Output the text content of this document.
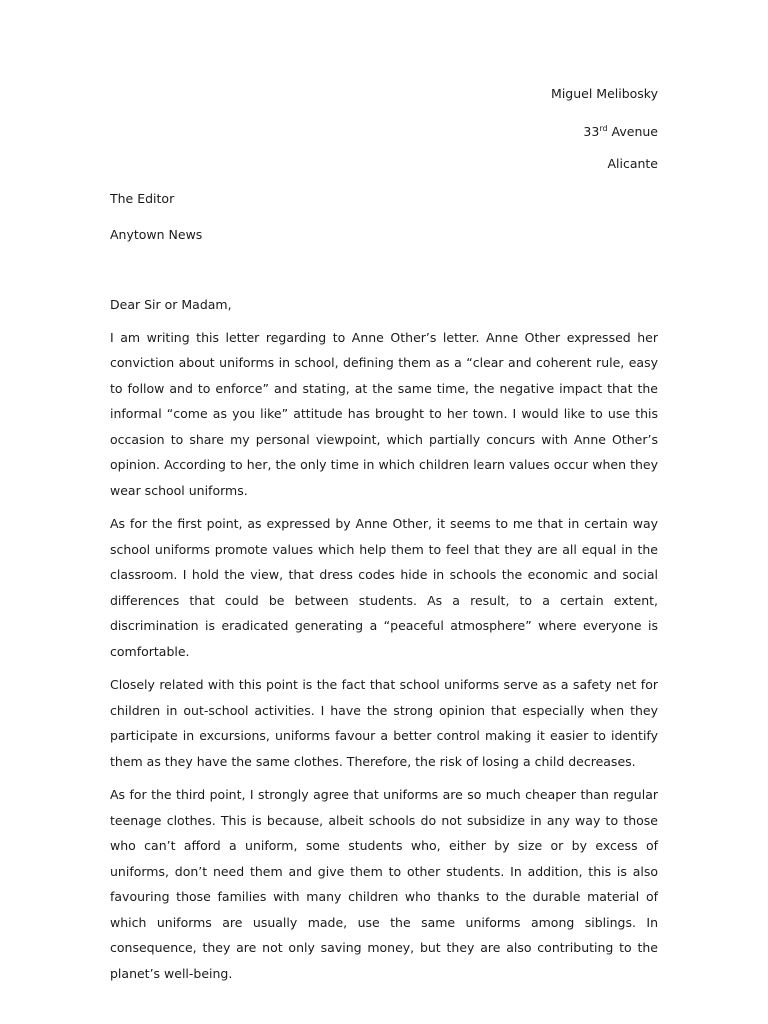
Miguel Melibosky
33rd Avenue
Alicante
The Editor
Anytown News
Dear Sir or Madam,

I am writing this letter regarding to Anne Other’s letter. Anne Other expressed her conviction about uniforms in school, defining them as a “clear and coherent rule, easy to follow and to enforce” and stating, at the same time, the negative impact that the informal “come as you like” attitude has brought to her town. I would like to use this occasion to share my personal viewpoint, which partially concurs with Anne Other’s opinion. According to her, the only time in which children learn values occur when they wear school uniforms.

As for the first point, as expressed by Anne Other, it seems to me that in certain way school uniforms promote values which help them to feel that they are all equal in the classroom. I hold the view, that dress codes hide in schools the economic and social differences that could be between students. As a result, to a certain extent, discrimination is eradicated generating a “peaceful atmosphere” where everyone is comfortable.

Closely related with this point is the fact that school uniforms serve as a safety net for children in out-school activities. I have the strong opinion that especially when they participate in excursions, uniforms favour a better control making it easier to identify them as they have the same clothes. Therefore, the risk of losing a child decreases.

As for the third point, I strongly agree that uniforms are so much cheaper than regular teenage clothes. This is because, albeit schools do not subsidize in any way to those who can’t afford a uniform, some students who, either by size or by excess of uniforms, don’t need them and give them to other students. In addition, this is also favouring those families with many children who thanks to the durable material of which uniforms are usually made, use the same uniforms among siblings. In consequence, they are not only saving money, but they are also contributing to the planet’s well-being.
